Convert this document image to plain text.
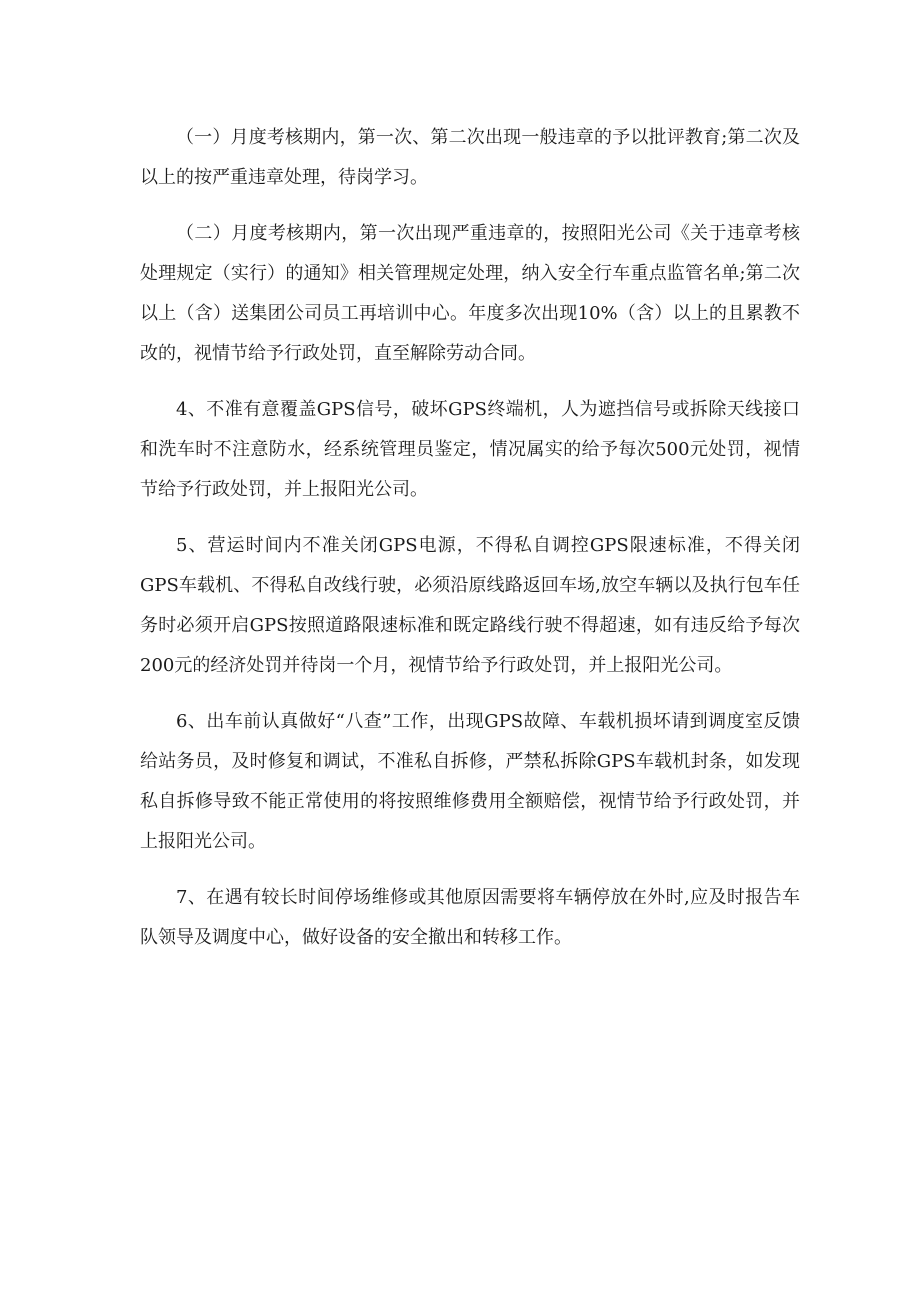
（一）月度考核期内，第一次、第二次出现一般违章的予以批评教育;第二次及以上的按严重违章处理，待岗学习。

（二）月度考核期内，第一次出现严重违章的，按照阳光公司《关于违章考核处理规定（实行）的通知》相关管理规定处理，纳入安全行车重点监管名单;第二次以上（含）送集团公司员工再培训中心。年度多次出现10%（含）以上的且累教不改的，视情节给予行政处罚，直至解除劳动合同。

4、不准有意覆盖GPS信号，破坏GPS终端机，人为遮挡信号或拆除天线接口和洗车时不注意防水，经系统管理员鉴定，情况属实的给予每次500元处罚，视情节给予行政处罚，并上报阳光公司。

5、营运时间内不准关闭GPS电源，不得私自调控GPS限速标准，不得关闭GPS车载机、不得私自改线行驶，必须沿原线路返回车场,放空车辆以及执行包车任务时必须开启GPS按照道路限速标准和既定路线行驶不得超速，如有违反给予每次200元的经济处罚并待岗一个月，视情节给予行政处罚，并上报阳光公司。

6、出车前认真做好“八查”工作，出现GPS故障、车载机损坏请到调度室反馈给站务员，及时修复和调试，不准私自拆修，严禁私拆除GPS车载机封条，如发现私自拆修导致不能正常使用的将按照维修费用全额赔偿，视情节给予行政处罚，并上报阳光公司。

7、在遇有较长时间停场维修或其他原因需要将车辆停放在外时,应及时报告车队领导及调度中心，做好设备的安全撤出和转移工作。
